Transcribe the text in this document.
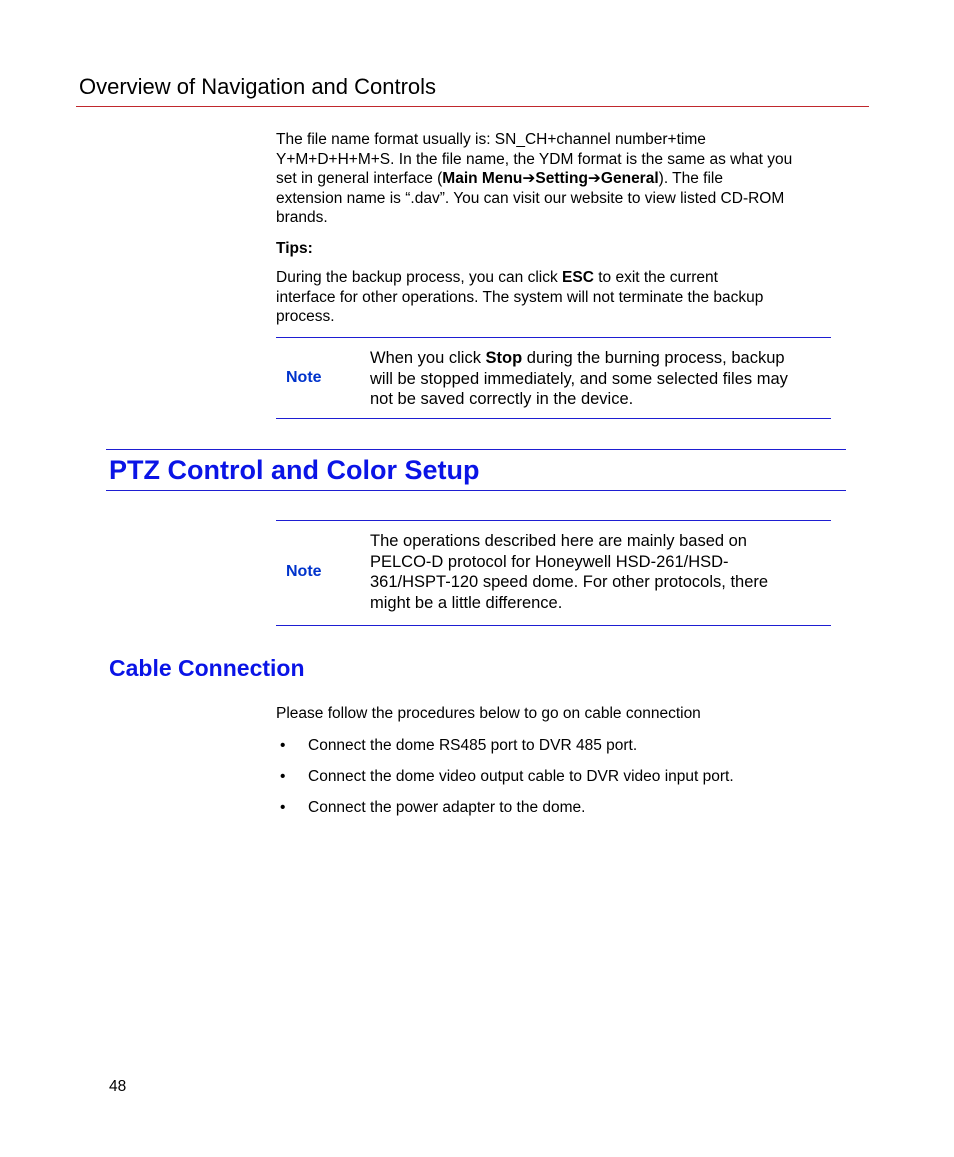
Overview of Navigation and Controls
The file name format usually is: SN_CH+channel number+time
Y+M+D+H+M+S. In the file name, the YDM format is the same as what you
set in general interface (Main Menu➔Setting➔General). The file
extension name is “.dav”. You can visit our website to view listed CD-ROM
brands.
Tips:
During the backup process, you can click ESC to exit the current
interface for other operations. The system will not terminate the backup
process.
Note
When you click Stop during the burning process, backup
will be stopped immediately, and some selected files may
not be saved correctly in the device.
PTZ Control and Color Setup
Note
The operations described here are mainly based on
PELCO-D protocol for Honeywell HSD-261/HSD-
361/HSPT-120 speed dome. For other protocols, there
might be a little difference.
Cable Connection
Please follow the procedures below to go on cable connection
• Connect the dome RS485 port to DVR 485 port.
• Connect the dome video output cable to DVR video input port.
• Connect the power adapter to the dome.
48
